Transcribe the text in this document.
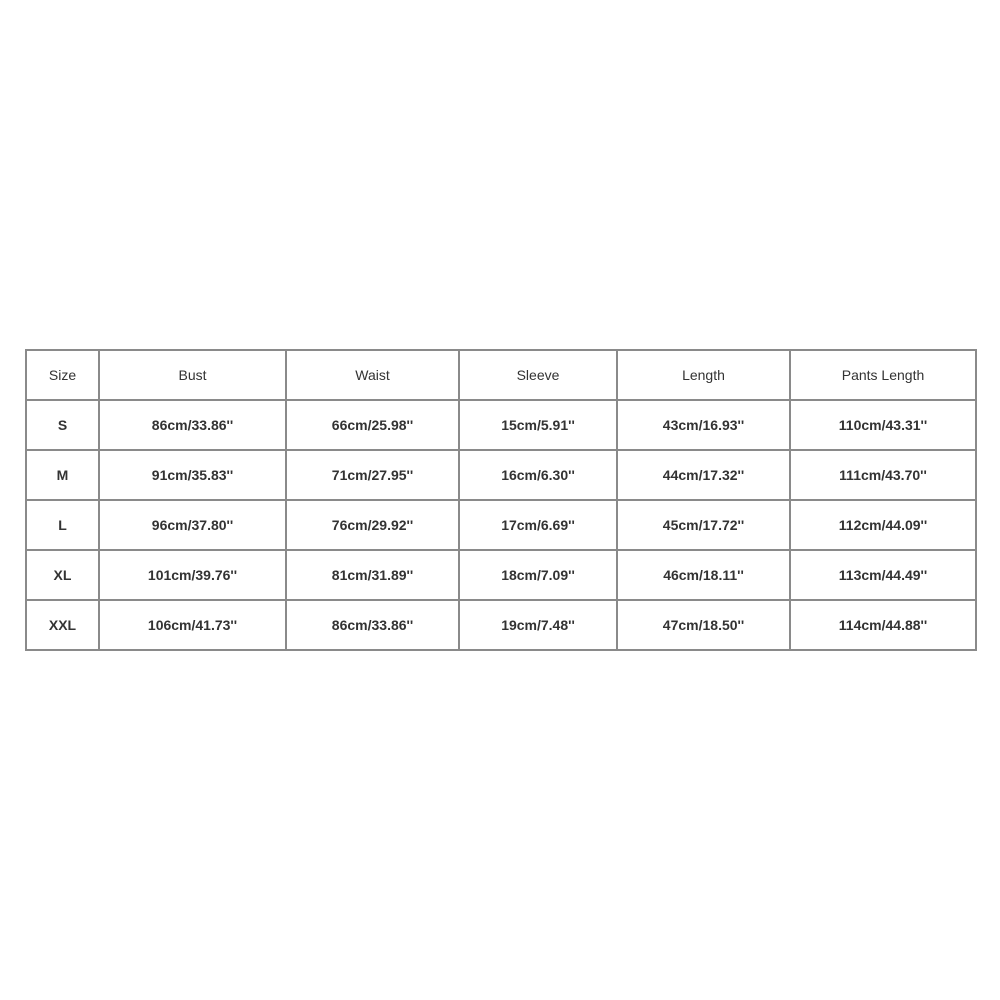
Size	Bust	Waist	Sleeve	Length	Pants Length
S	86cm/33.86''	66cm/25.98''	15cm/5.91''	43cm/16.93''	110cm/43.31''
M	91cm/35.83''	71cm/27.95''	16cm/6.30''	44cm/17.32''	111cm/43.70''
L	96cm/37.80''	76cm/29.92''	17cm/6.69''	45cm/17.72''	112cm/44.09''
XL	101cm/39.76''	81cm/31.89''	18cm/7.09''	46cm/18.11''	113cm/44.49''
XXL	106cm/41.73''	86cm/33.86''	19cm/7.48''	47cm/18.50''	114cm/44.88''
